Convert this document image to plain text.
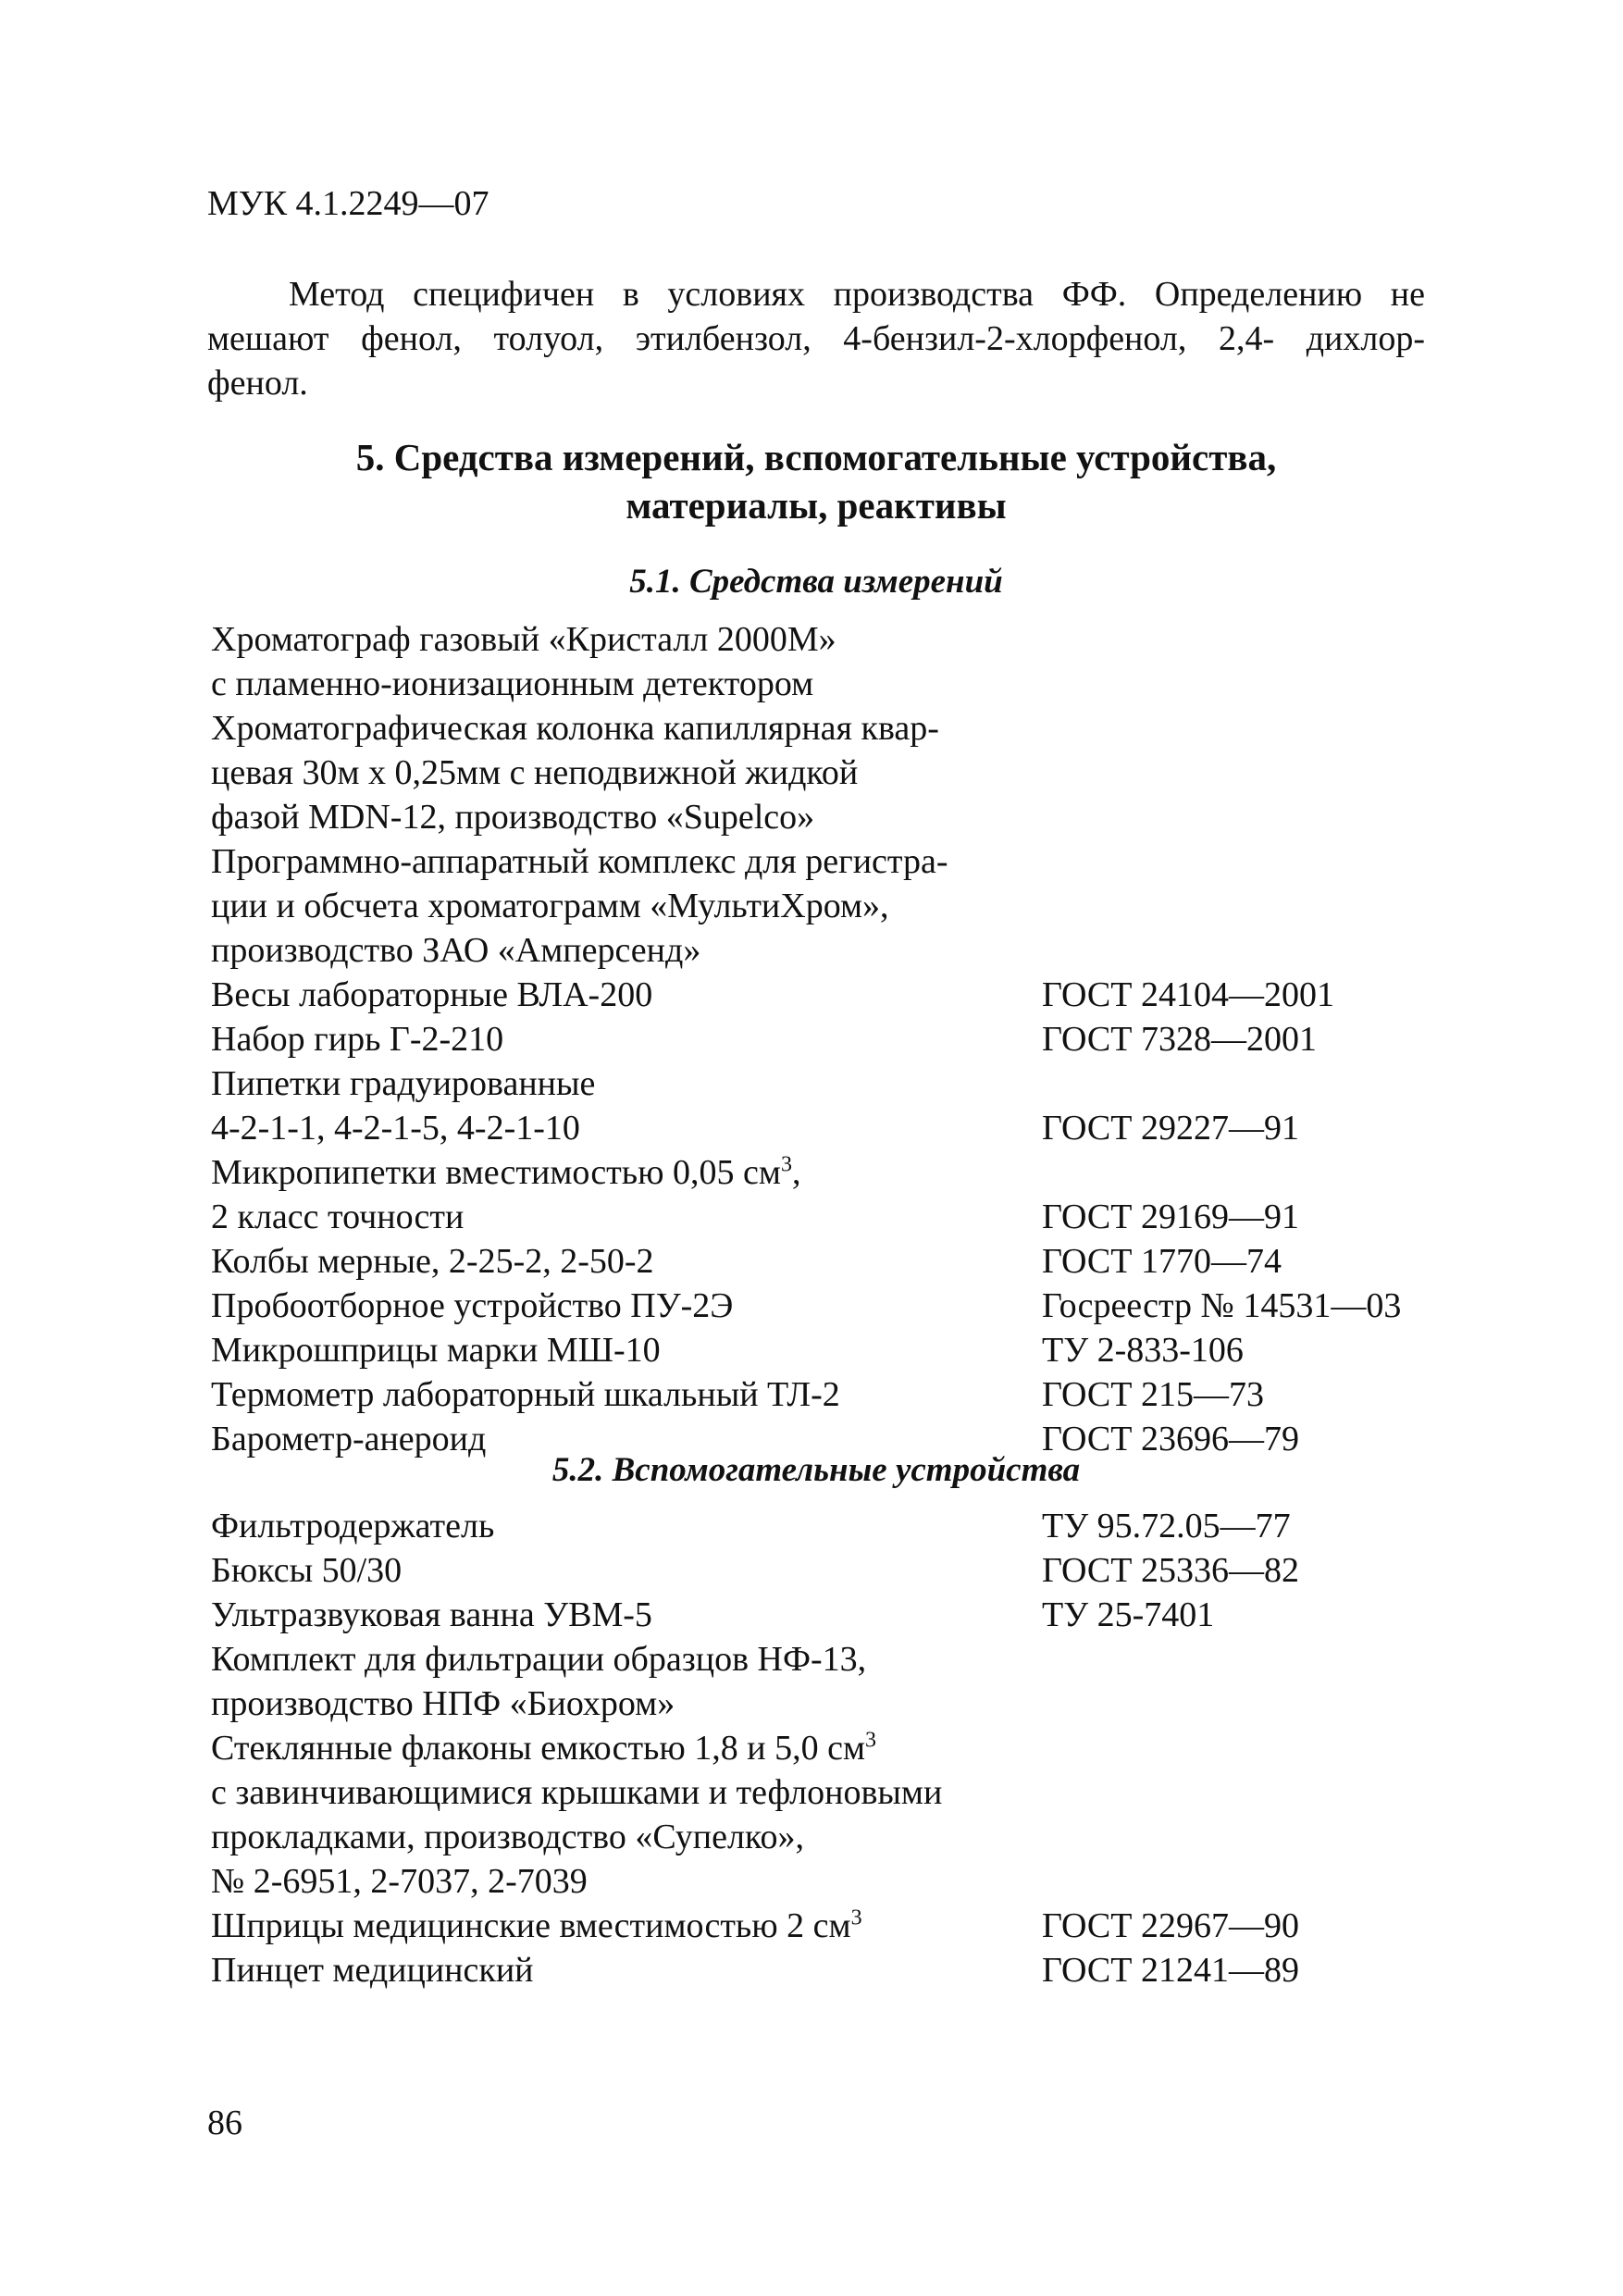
МУК 4.1.2249—07
Метод специфичен в условиях производства ФФ. Определению не
мешают фенол, толуол, этилбензол, 4-бензил-2-хлорфенол, 2,4- дихлор-
фенол.
5. Средства измерений, вспомогательные устройства,
материалы, реактивы
5.1. Средства измерений
Хроматограф газовый «Кристалл 2000М»
с пламенно-ионизационным детектором
Хроматографическая колонка капиллярная квар-
цевая 30м х 0,25мм с неподвижной жидкой
фазой MDN-12, производство «Supelco»
Программно-аппаратный комплекс для регистра-
ции и обсчета хроматограмм «МультиХром»,
производство ЗАО «Амперсенд»
Весы лабораторные ВЛА-200	ГОСТ 24104—2001
Набор гирь Г-2-210	ГОСТ 7328—2001
Пипетки градуированные
4-2-1-1, 4-2-1-5, 4-2-1-10	ГОСТ 29227—91
Микропипетки вместимостью 0,05 $см^3$,
2 класс точности	ГОСТ 29169—91
Колбы мерные, 2-25-2, 2-50-2	ГОСТ 1770—74
Пробоотборное устройство ПУ-2Э	Госреестр № 14531—03
Микрошприцы марки МШ-10	ТУ 2-833-106
Термометр лабораторный шкальный ТЛ-2	ГОСТ 215—73
Барометр-анероид	ГОСТ 23696—79
5.2. Вспомогательные устройства
Фильтродержатель	ТУ 95.72.05—77
Бюксы 50/30	ГОСТ 25336—82
Ультразвуковая ванна УВМ-5	ТУ 25-7401
Комплект для фильтрации образцов НФ-13,
производство НПФ «Биохром»
Стеклянные флаконы емкостью 1,8 и 5,0 $см^3$
с завинчивающимися крышками и тефлоновыми
прокладками, производство «Супелко»,
№ 2-6951, 2-7037, 2-7039
Шприцы медицинские вместимостью 2 $см^3$	ГОСТ 22967—90
Пинцет медицинский	ГОСТ 21241—89
86
